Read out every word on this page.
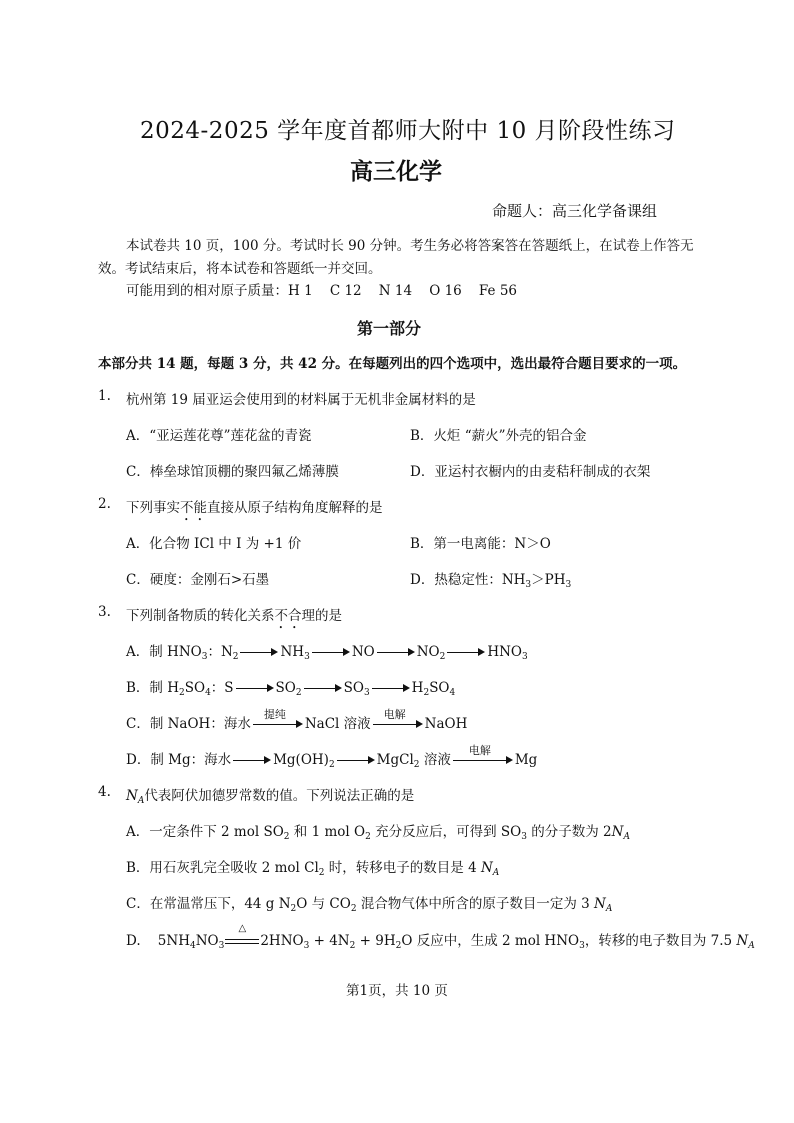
2024-2025 学年度首都师大附中 10 月阶段性练习
高三化学
命题人：高三化学备课组
本试卷共 10 页，100 分。考试时长 90 分钟。考生务必将答案答在答题纸上，在试卷上作答无
效。考试结束后，将本试卷和答题纸一并交回。
可能用到的相对原子质量：H 1    C 12    N 14    O 16    Fe 56
第一部分
本部分共 14 题，每题 3 分，共 42 分。在每题列出的四个选项中，选出最符合题目要求的一项。
1. 杭州第 19 届亚运会使用到的材料属于无机非金属材料的是
A．“亚运莲花尊”莲花盆的青瓷	B．火炬 “薪火”外壳的铝合金
C．棒垒球馆顶棚的聚四氟乙烯薄膜	D．亚运村衣橱内的由麦秸秆制成的衣架
2. 下列事实不能直接从原子结构角度解释的是
A．化合物 ICl 中 I 为 +1 价	B．第一电离能：N＞O
C．硬度：金刚石>石墨	D．热稳定性：$NH_3>PH_3$
3. 下列制备物质的转化关系不合理的是
A．制 $HNO_3$：$N_2$	$NH_3$	NO	$NO_2$	$HNO_3$
B．制 $H_2SO_4$：S	$SO_2$	$SO_3$	$H_2SO_4$
C．制 NaOH：海水
提纯
NaCl 溶液
电解
NaOH
D．制 Mg：海水	$Mg(OH)_2$	MgCl$_2$ 溶液
电解
Mg
4. $N_A$代表阿伏加德罗常数的值。下列说法正确的是
A．一定条件下 2 mol $SO_2$ 和 1 mol $O_2$ 充分反应后，可得到 $SO_3$ 的分子数为 $2N_A$
B．用石灰乳完全吸收 2 mol $Cl_2$ 时，转移电子的数目是 4 $N_A$
C．在常温常压下，44 g $N_2O$ 与 $CO_2$ 混合物气体中所含的原子数目一定为 3 $N_A$
D.    $5NH_4NO_3$
△
$2HNO_3 + 4N_2 + 9H_2O$ 反应中，生成 2 mol $HNO_3$，转移的电子数目为 7.5 $N_A$
第1页，共 10 页
